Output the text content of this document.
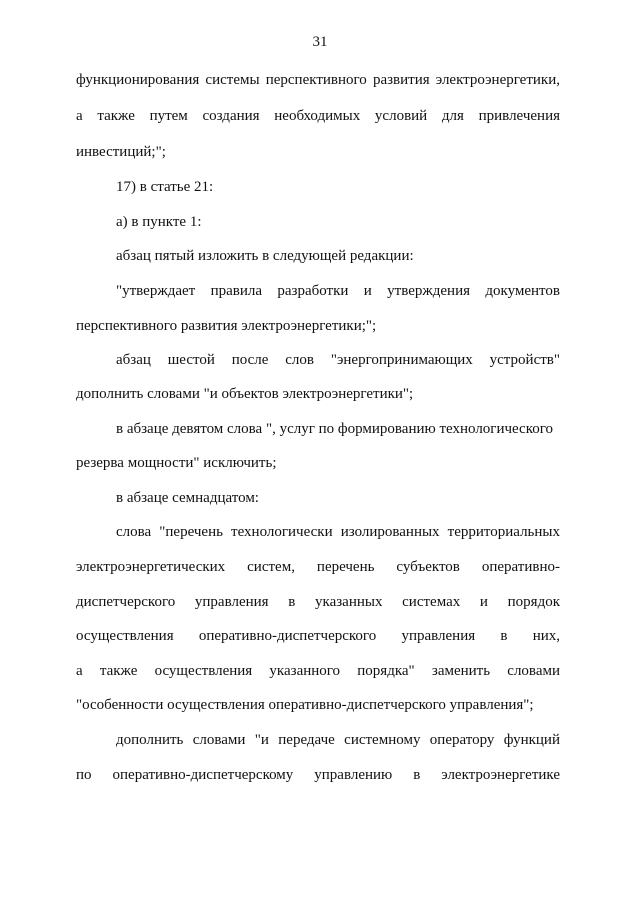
31
функционирования системы перспективного развития электроэнергетики,
а также путем создания необходимых условий для привлечения
инвестиций;";
17) в статье 21:
а) в пункте 1:
абзац пятый изложить в следующей редакции:
"утверждает правила разработки и утверждения документов
перспективного развития электроэнергетики;";
абзац шестой после слов "энергопринимающих устройств"
дополнить словами "и объектов электроэнергетики";
в абзаце девятом слова ", услуг по формированию технологического
резерва мощности" исключить;
в абзаце семнадцатом:
слова "перечень технологически изолированных территориальных
электроэнергетических систем, перечень субъектов оперативно-
диспетчерского управления в указанных системах и порядок
осуществления оперативно-диспетчерского управления в них,
а также осуществления указанного порядка" заменить словами
"особенности осуществления оперативно-диспетчерского управления";
дополнить словами "и передаче системному оператору функций
по оперативно-диспетчерскому управлению в электроэнергетике
